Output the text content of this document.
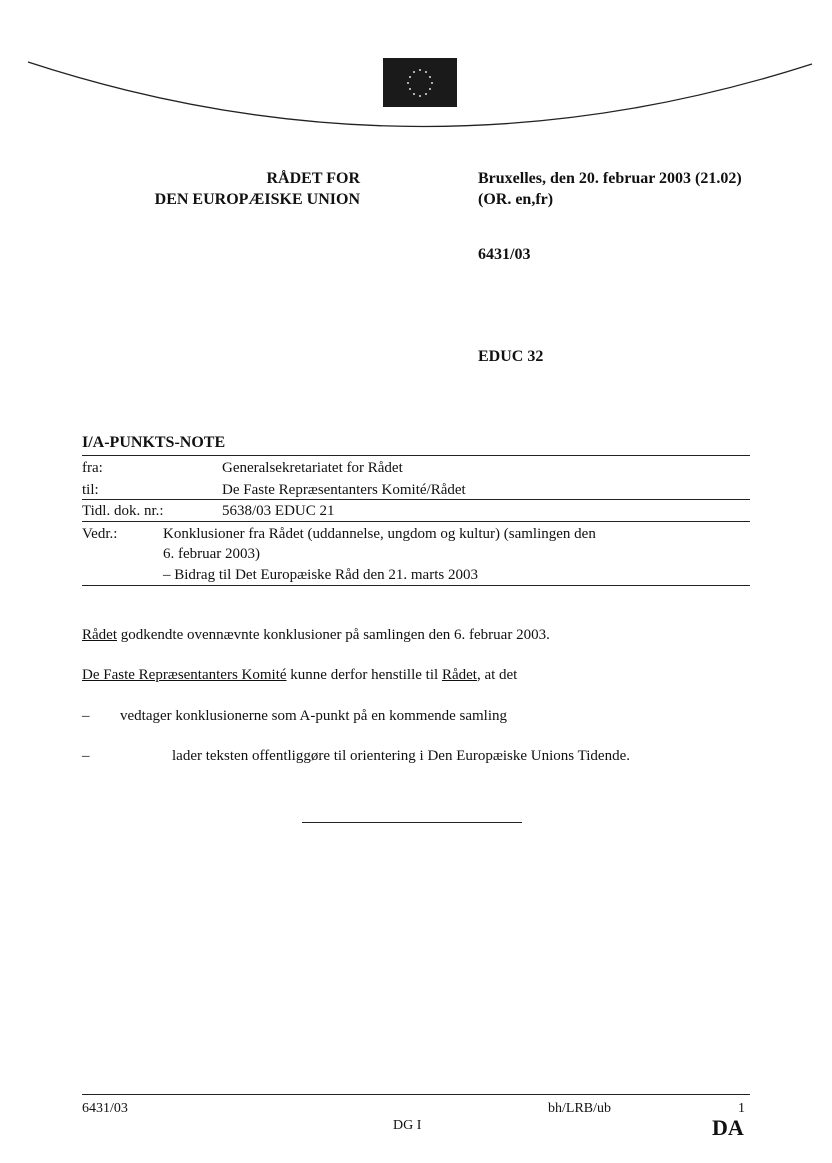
RÅDET FOR
DEN EUROPÆISKE UNION
Bruxelles, den 20. februar 2003 (21.02)
(OR. en,fr)
6431/03
EDUC 32
I/A-PUNKTS-NOTE
fra:	Generalsekretariatet for Rådet
til:	De Faste Repræsentanters Komité/Rådet
Tidl. dok. nr.:	5638/03 EDUC 21
Vedr.:	Konklusioner fra Rådet (uddannelse, ungdom og kultur) (samlingen den
6. februar 2003)
– Bidrag til Det Europæiske Råd den 21. marts 2003
Rådet godkendte ovennævnte konklusioner på samlingen den 6. februar 2003.
De Faste Repræsentanters Komité kunne derfor henstille til Rådet, at det
– vedtager konklusionerne som A-punkt på en kommende samling
–	lader teksten offentliggøre til orientering i Den Europæiske Unions Tidende.
6431/03	bh/LRB/ub	1
DG I	DA
